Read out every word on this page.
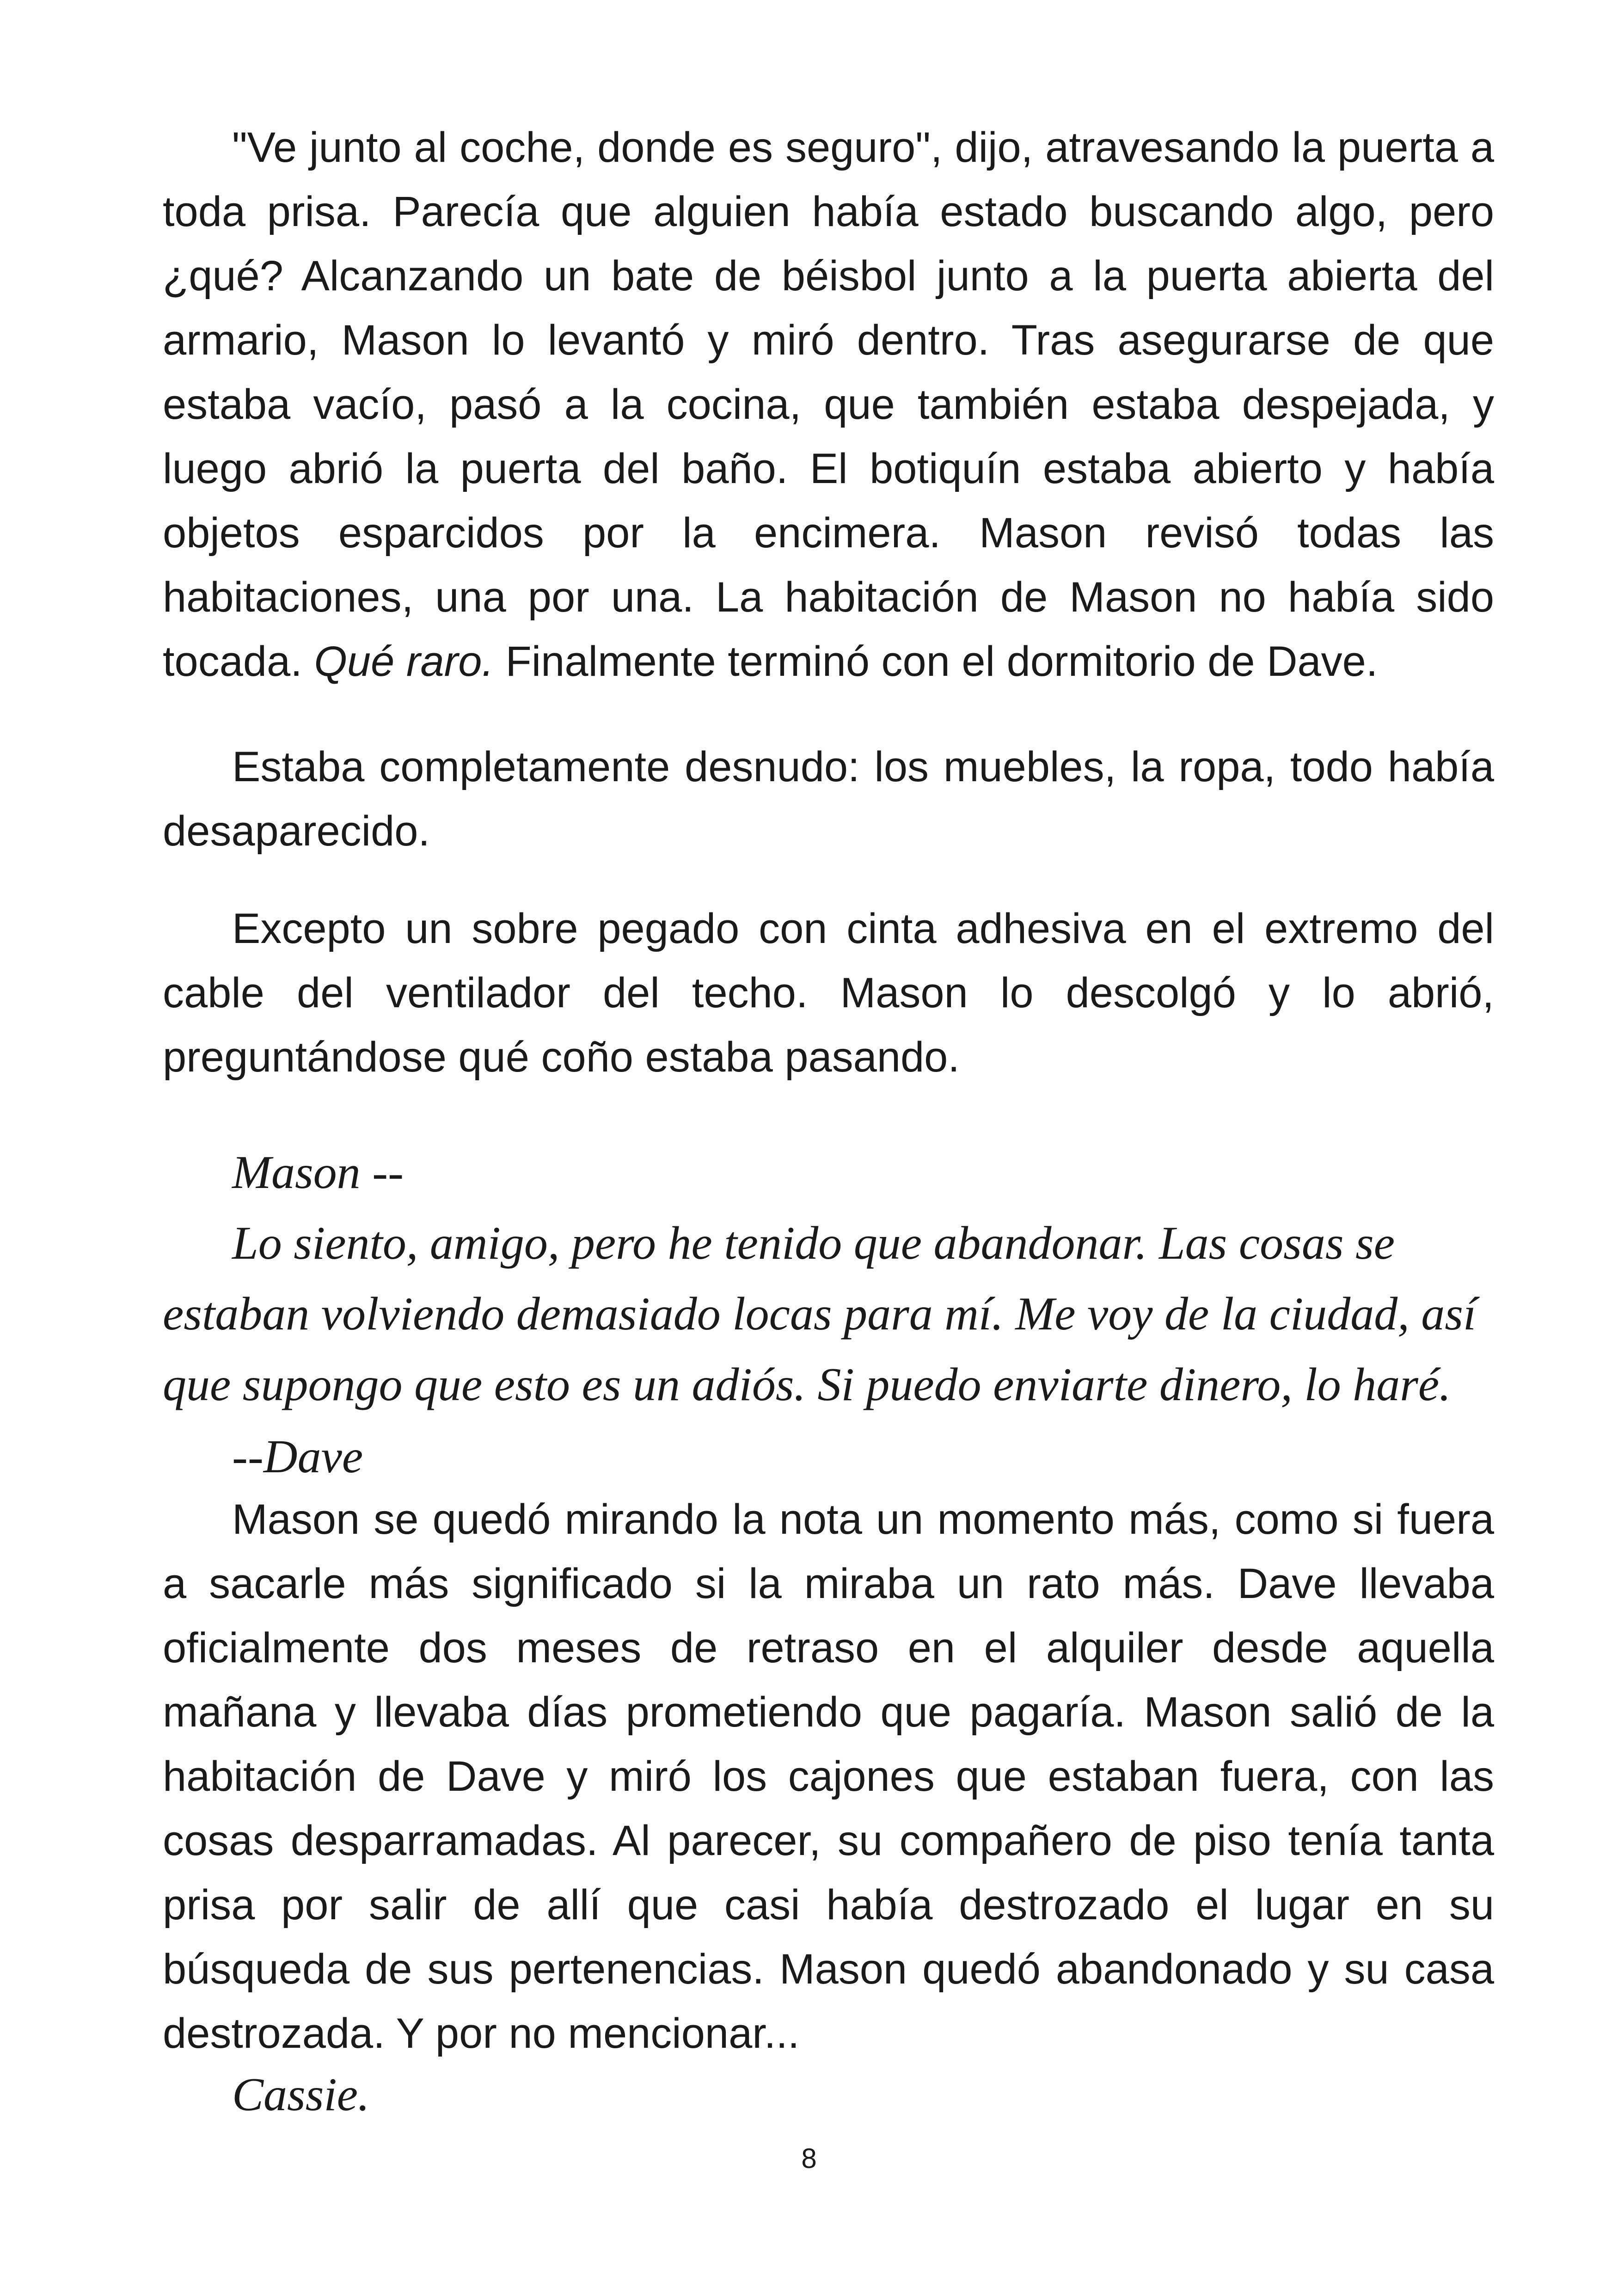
"Ve junto al coche, donde es seguro", dijo, atravesando la puerta a toda prisa. Parecía que alguien había estado buscando algo, pero ¿qué? Alcanzando un bate de béisbol junto a la puerta abierta del armario, Mason lo levantó y miró dentro. Tras asegurarse de que estaba vacío, pasó a la cocina, que también estaba despejada, y luego abrió la puerta del baño. El botiquín estaba abierto y había objetos esparcidos por la encimera. Mason revisó todas las habitaciones, una por una. La habitación de Mason no había sido tocada. Qué raro. Finalmente terminó con el dormitorio de Dave.

Estaba completamente desnudo: los muebles, la ropa, todo había desaparecido.

Excepto un sobre pegado con cinta adhesiva en el extremo del cable del ventilador del techo. Mason lo descolgó y lo abrió, preguntándose qué coño estaba pasando.

Mason --
Lo siento, amigo, pero he tenido que abandonar. Las cosas se estaban volviendo demasiado locas para mí. Me voy de la ciudad, así que supongo que esto es un adiós. Si puedo enviarte dinero, lo haré.
--Dave

Mason se quedó mirando la nota un momento más, como si fuera a sacarle más significado si la miraba un rato más. Dave llevaba oficialmente dos meses de retraso en el alquiler desde aquella mañana y llevaba días prometiendo que pagaría. Mason salió de la habitación de Dave y miró los cajones que estaban fuera, con las cosas desparramadas. Al parecer, su compañero de piso tenía tanta prisa por salir de allí que casi había destrozado el lugar en su búsqueda de sus pertenencias. Mason quedó abandonado y su casa destrozada. Y por no mencionar...

Cassie.
8
